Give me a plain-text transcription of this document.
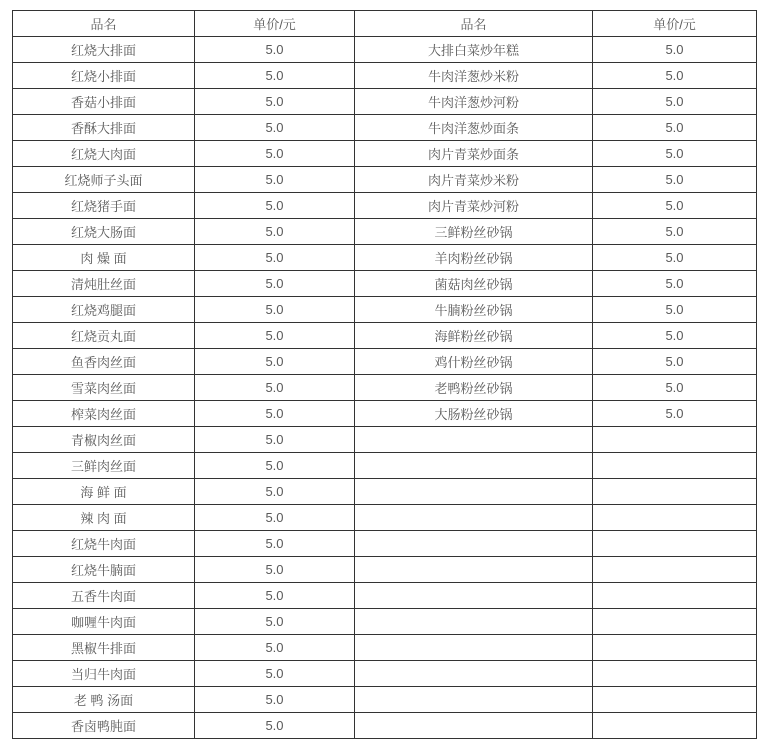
品名	单价/元	品名	单价/元
红烧大排面	5.0	大排白菜炒年糕	5.0
红烧小排面	5.0	牛肉洋葱炒米粉	5.0
香菇小排面	5.0	牛肉洋葱炒河粉	5.0
香酥大排面	5.0	牛肉洋葱炒面条	5.0
红烧大肉面	5.0	肉片青菜炒面条	5.0
红烧师子头面	5.0	肉片青菜炒米粉	5.0
红烧猪手面	5.0	肉片青菜炒河粉	5.0
红烧大肠面	5.0	三鲜粉丝砂锅	5.0
肉 燥 面	5.0	羊肉粉丝砂锅	5.0
清炖肚丝面	5.0	菌菇肉丝砂锅	5.0
红烧鸡腿面	5.0	牛腩粉丝砂锅	5.0
红烧贡丸面	5.0	海鲜粉丝砂锅	5.0
鱼香肉丝面	5.0	鸡什粉丝砂锅	5.0
雪菜肉丝面	5.0	老鸭粉丝砂锅	5.0
榨菜肉丝面	5.0	大肠粉丝砂锅	5.0
青椒肉丝面	5.0		
三鲜肉丝面	5.0		
海 鲜 面	5.0		
辣 肉 面	5.0		
红烧牛肉面	5.0		
红烧牛腩面	5.0		
五香牛肉面	5.0		
咖喱牛肉面	5.0		
黑椒牛排面	5.0		
当归牛肉面	5.0		
老 鸭 汤面	5.0		
香卤鸭肫面	5.0		
